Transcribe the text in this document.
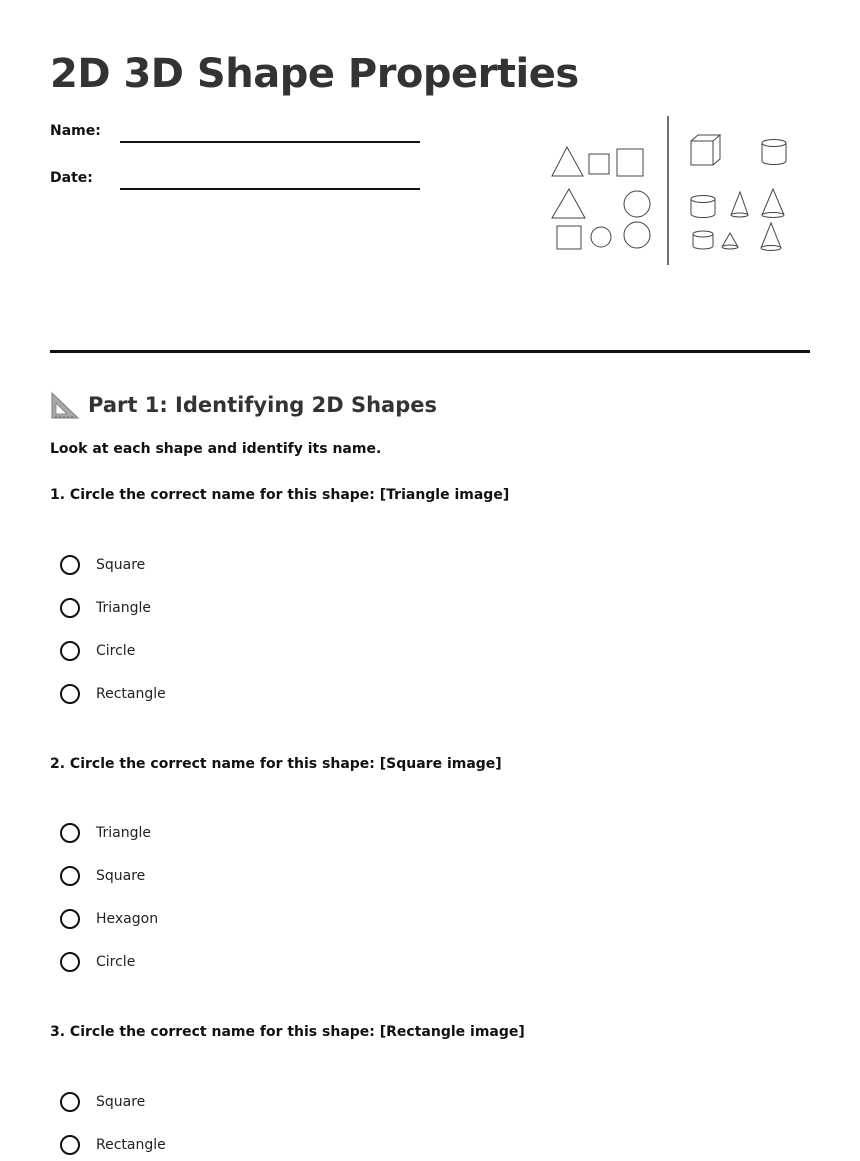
2D 3D Shape Properties
Name:
Date:
Part 1: Identifying 2D Shapes
Look at each shape and identify its name.
1. Circle the correct name for this shape: [Triangle image]
Square
Triangle
Circle
Rectangle
2. Circle the correct name for this shape: [Square image]
Triangle
Square
Hexagon
Circle
3. Circle the correct name for this shape: [Rectangle image]
Square
Rectangle
